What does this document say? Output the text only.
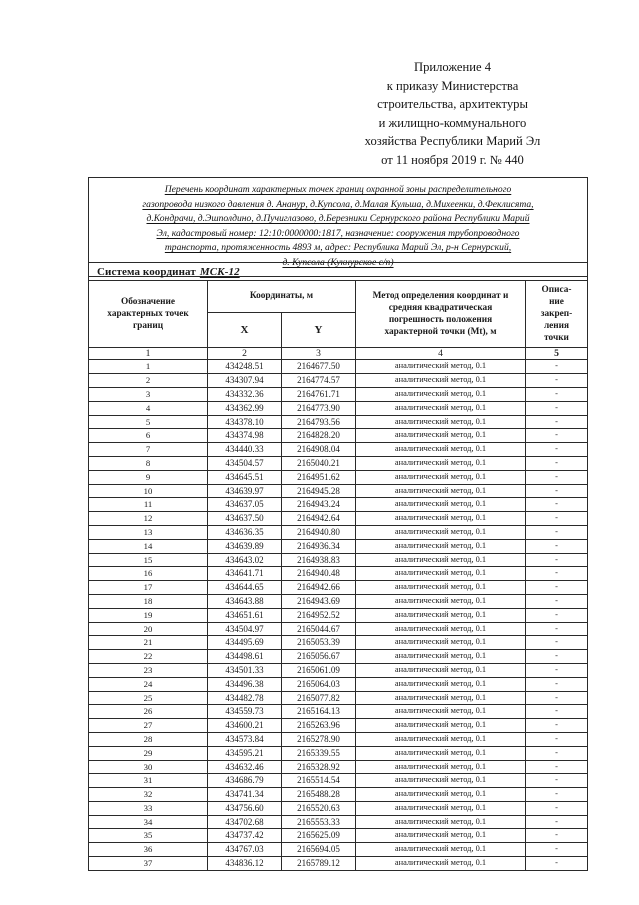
Приложение 4
к приказу Министерства
строительства, архитектуры
и жилищно-коммунального
хозяйства Республики Марий Эл
от 11 ноября 2019 г. № 440
Перечень координат характерных точек границ охранной зоны распределительного
газопровода низкого давления д. Ананур, д.Купсола, д.Малая Кульша, д.Михеенки, д.Феклисята,
д.Кондрачи, д.Эшполдино, д.Пучиглазово, д.Березники Сернурского района Республики Марий
Эл, кадастровый номер: 12:10:0000000:1817, назначение: сооружения трубопроводного
транспорта, протяженность 4893 м, адрес: Республика Марий Эл, р-н Сернурский,
д. Купсола (Кукнурское с/п)
Система координат МСК-12
Обозначение
характерных точек
границ	Координаты, м		Метод определения координат и
средняя квадратическая
погрешность положения
характерной точки (Mt), м	Описа-
ние
закреп-
ления
точки

	X	Y		
1	2	3	4	5
1	434248.51	2164677.50	аналитический метод, 0.1	-
2	434307.94	2164774.57	аналитический метод, 0.1	-
3	434332.36	2164761.71	аналитический метод, 0.1	-
4	434362.99	2164773.90	аналитический метод, 0.1	-
5	434378.10	2164793.56	аналитический метод, 0.1	-
6	434374.98	2164828.20	аналитический метод, 0.1	-
7	434440.33	2164908.04	аналитический метод, 0.1	-
8	434504.57	2165040.21	аналитический метод, 0.1	-
9	434645.51	2164951.62	аналитический метод, 0.1	-
10	434639.97	2164945.28	аналитический метод, 0.1	-
11	434637.05	2164943.24	аналитический метод, 0.1	-
12	434637.50	2164942.64	аналитический метод, 0.1	-
13	434636.35	2164940.80	аналитический метод, 0.1	-
14	434639.89	2164936.34	аналитический метод, 0.1	-
15	434643.02	2164938.83	аналитический метод, 0.1	-
16	434641.71	2164940.48	аналитический метод, 0.1	-
17	434644.65	2164942.66	аналитический метод, 0.1	-
18	434643.88	2164943.69	аналитический метод, 0.1	-
19	434651.61	2164952.52	аналитический метод, 0.1	-
20	434504.97	2165044.67	аналитический метод, 0.1	-
21	434495.69	2165053.39	аналитический метод, 0.1	-
22	434498.61	2165056.67	аналитический метод, 0.1	-
23	434501.33	2165061.09	аналитический метод, 0.1	-
24	434496.38	2165064.03	аналитический метод, 0.1	-
25	434482.78	2165077.82	аналитический метод, 0.1	-
26	434559.73	2165164.13	аналитический метод, 0.1	-
27	434600.21	2165263.96	аналитический метод, 0.1	-
28	434573.84	2165278.90	аналитический метод, 0.1	-
29	434595.21	2165339.55	аналитический метод, 0.1	-
30	434632.46	2165328.92	аналитический метод, 0.1	-
31	434686.79	2165514.54	аналитический метод, 0.1	-
32	434741.34	2165488.28	аналитический метод, 0.1	-
33	434756.60	2165520.63	аналитический метод, 0.1	-
34	434702.68	2165553.33	аналитический метод, 0.1	-
35	434737.42	2165625.09	аналитический метод, 0.1	-
36	434767.03	2165694.05	аналитический метод, 0.1	-
37	434836.12	2165789.12	аналитический метод, 0.1	-
